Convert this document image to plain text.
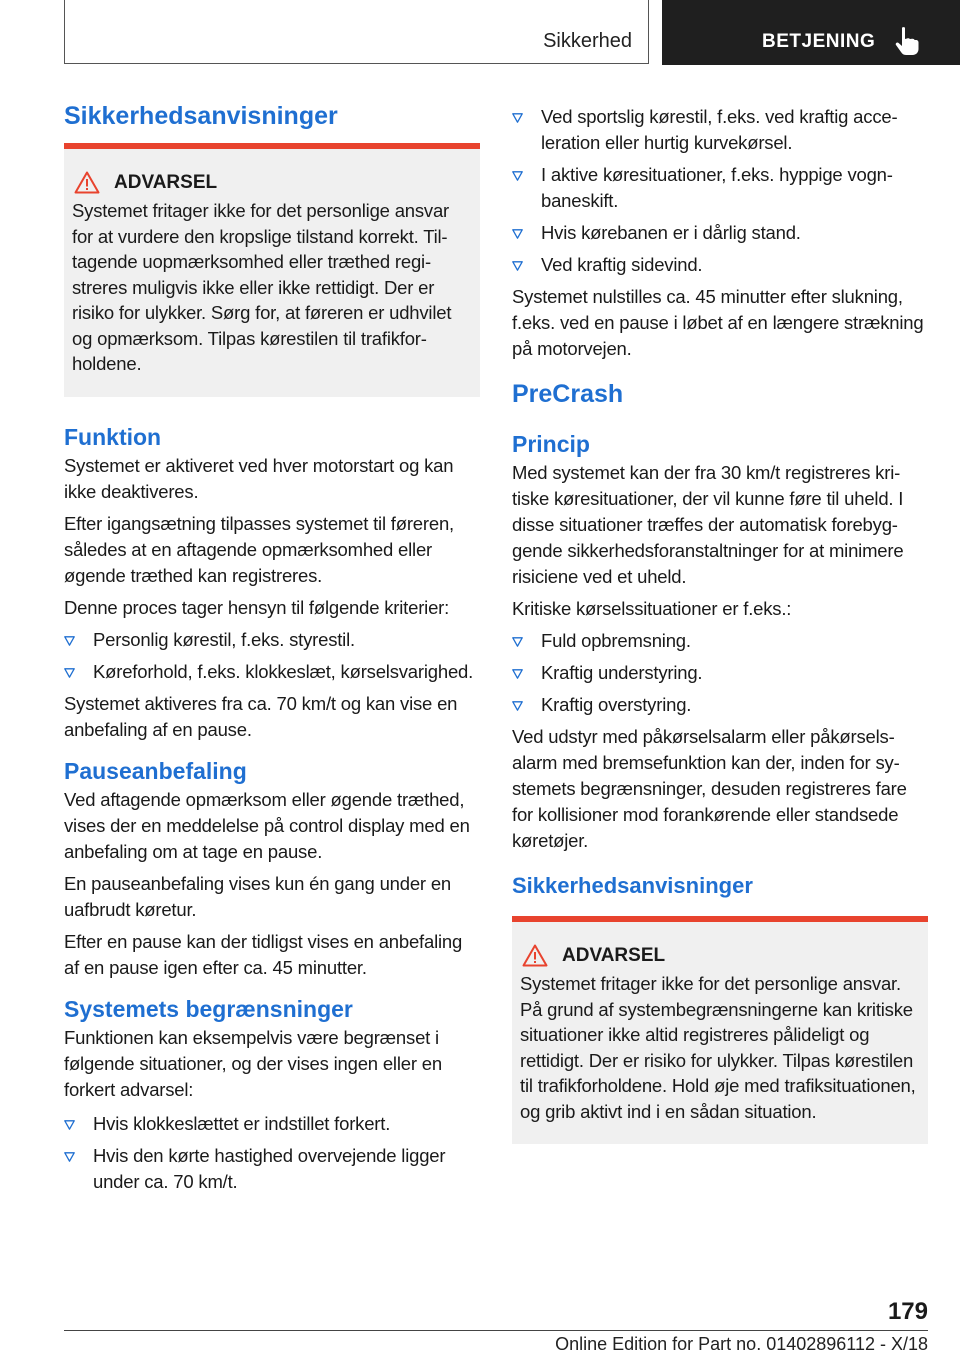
Sikkerhed	BETJENING
Sikkerhedsanvisninger
ADVARSEL

Systemet fritager ikke for det personlige ansvar for at vurdere den kropslige tilstand korrekt. Tiltagende uopmærksomhed eller træthed registreres muligvis ikke eller ikke rettidigt. Der er risiko for ulykker. Sørg for, at føreren er udhvilet og opmærksom. Tilpas kørestilen til trafikforholdene.

Funktion

Systemet er aktiveret ved hver motorstart og kan ikke deaktiveres.

Efter igangsætning tilpasses systemet til føreren, således at en aftagende opmærksomhed eller øgende træthed kan registreres.

Denne proces tager hensyn til følgende kriterier:

Personlig kørestil, f.eks. styrestil.
Køreforhold, f.eks. klokkeslæt, kørselsvarighed.

Systemet aktiveres fra ca. 70 km/t og kan vise en anbefaling af en pause.

Pauseanbefaling

Ved aftagende opmærksom eller øgende træthed, vises der en meddelelse på control display med en anbefaling om at tage en pause.

En pauseanbefaling vises kun én gang under en uafbrudt køretur.

Efter en pause kan der tidligst vises en anbefaling af en pause igen efter ca. 45 minutter.

Systemets begrænsninger

Funktionen kan eksempelvis være begrænset i følgende situationer, og der vises ingen eller en forkert advarsel:

Hvis klokkeslættet er indstillet forkert.
Hvis den kørte hastighed overvejende ligger under ca. 70 km/t.
Ved sportslig kørestil, f.eks. ved kraftig acceleration eller hurtig kurvekørsel.
I aktive køresituationer, f.eks. hyppige vognbaneskift.
Hvis kørebanen er i dårlig stand.
Ved kraftig sidevind.

Systemet nulstilles ca. 45 minutter efter slukning, f.eks. ved en pause i løbet af en længere strækning på motorvejen.

PreCrash
Princip

Med systemet kan der fra 30 km/t registreres kritiske køresituationer, der vil kunne føre til uheld. I disse situationer træffes der automatisk forebyggende sikkerhedsforanstaltninger for at minimere risiciene ved et uheld.

Kritiske kørselssituationer er f.eks.:

Fuld opbremsning.
Kraftig understyring.
Kraftig overstyring.

Ved udstyr med påkørselsalarm eller påkørselsalarm med bremsefunktion kan der, inden for systemets begrænsninger, desuden registreres fare for kollisioner mod forankørende eller standsede køretøjer.

Sikkerhedsanvisninger
ADVARSEL

Systemet fritager ikke for det personlige ansvar. På grund af systembegrænsningerne kan kritiske situationer ikke altid registreres pålideligt og rettidigt. Der er risiko for ulykker. Tilpas kørestilen til trafikforholdene. Hold øje med trafiksituationen, og grib aktivt ind i en sådan situation.

179
Online Edition for Part no. 01402896112 - X/18
